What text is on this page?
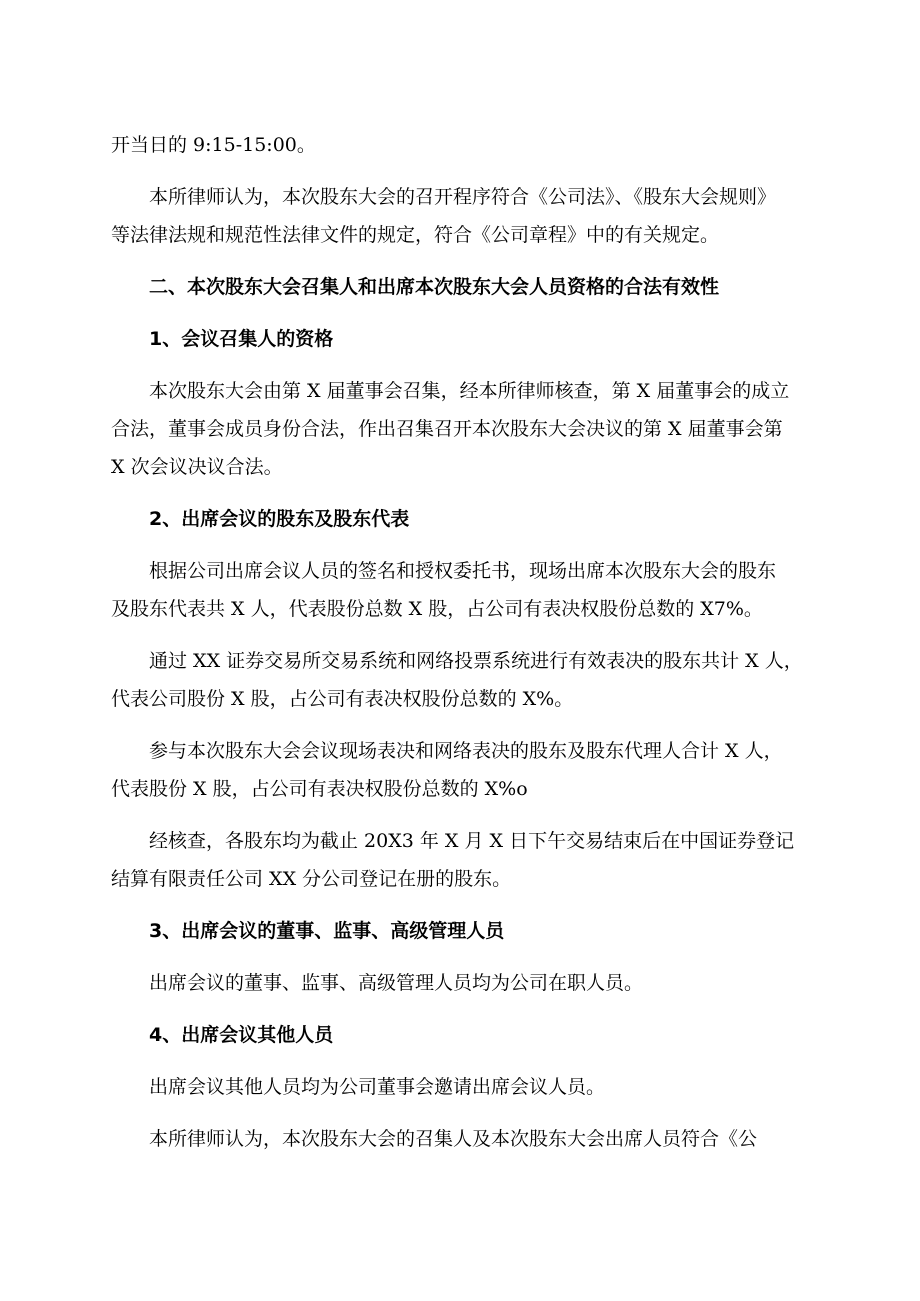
开当日的 9:15-15:00。

本所律师认为，本次股东大会的召开程序符合《公司法》、《股东大会规则》

等法律法规和规范性法律文件的规定，符合《公司章程》中的有关规定。

二、本次股东大会召集人和出席本次股东大会人员资格的合法有效性

1、会议召集人的资格

本次股东大会由第 X 届董事会召集，经本所律师核查，第 X 届董事会的成立

合法，董事会成员身份合法，作出召集召开本次股东大会决议的第 X 届董事会第

X 次会议决议合法。

2、出席会议的股东及股东代表

根据公司出席会议人员的签名和授权委托书，现场出席本次股东大会的股东

及股东代表共 X 人，代表股份总数 X 股，占公司有表决权股份总数的 X7%。

通过 XX 证券交易所交易系统和网络投票系统进行有效表决的股东共计 X 人，

代表公司股份 X 股，占公司有表决权股份总数的 X%。

参与本次股东大会会议现场表决和网络表决的股东及股东代理人合计 X 人，

代表股份 X 股，占公司有表决权股份总数的 X%o

经核查，各股东均为截止 20X3 年 X 月 X 日下午交易结束后在中国证券登记

结算有限责任公司 XX 分公司登记在册的股东。

3、出席会议的董事、监事、高级管理人员

出席会议的董事、监事、高级管理人员均为公司在职人员。

4、出席会议其他人员

出席会议其他人员均为公司董事会邀请出席会议人员。

本所律师认为，本次股东大会的召集人及本次股东大会出席人员符合《公
